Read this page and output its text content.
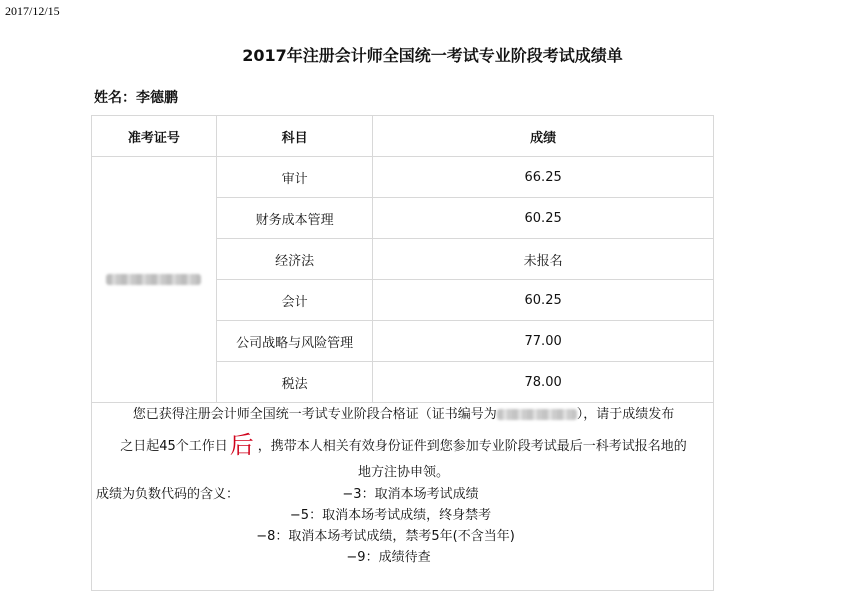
2017/12/15
2017年注册会计师全国统一考试专业阶段考试成绩单
姓名：李德鹏
准考证号	科目	成绩
	审计	66.25
	财务成本管理	60.25
	经济法	未报名
	会计	60.25
	公司战略与风险管理	77.00
	税法	78.00
您已获得注册会计师全国统一考试专业阶段合格证（证书编号为	），请于成绩发布
之日起45个工作日后 ，携带本人相关有效身份证件到您参加专业阶段考试最后一科考试报名地的
地方注协申领。
成绩为负数代码的含义：	−3：取消本场考试成绩
−5：取消本场考试成绩，终身禁考
−8：取消本场考试成绩，禁考5年(不含当年)
−9：成绩待查
